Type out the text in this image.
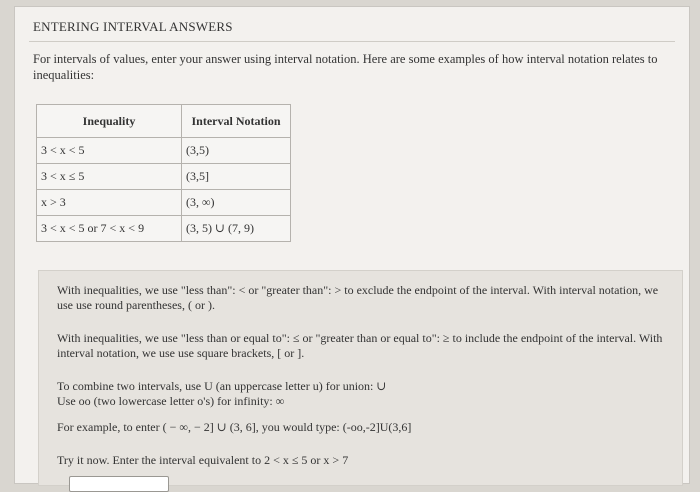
ENTERING INTERVAL ANSWERS
For intervals of values, enter your answer using interval notation. Here are some examples of how interval notation relates to inequalities:
Inequality	Interval Notation
3 < x < 5	(3,5)
3 < x ≤ 5	(3,5]
x > 3	(3, ∞)
3 < x < 5 or 7 < x < 9	(3, 5) ∪ (7, 9)
With inequalities, we use "less than": < or "greater than": > to exclude the endpoint of the interval. With interval notation, we use use round parentheses, ( or ).
With inequalities, we use "less than or equal to": ≤ or "greater than or equal to": ≥ to include the endpoint of the interval. With interval notation, we use use square brackets, [ or ].
To combine two intervals, use U (an uppercase letter u) for union: ∪
Use oo (two lowercase letter o's) for infinity: ∞
For example, to enter ( − ∞, − 2] ∪ (3, 6], you would type: (-oo,-2]U(3,6]
Try it now. Enter the interval equivalent to 2 < x ≤ 5 or x > 7
